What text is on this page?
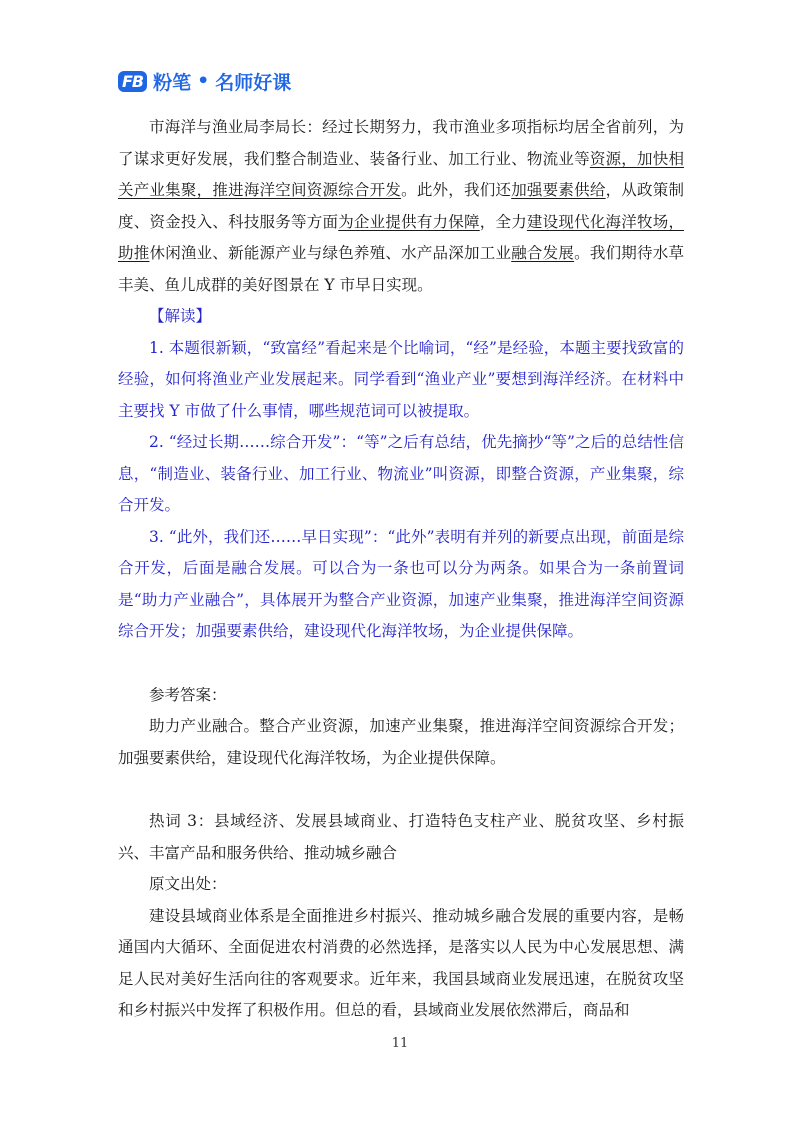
FB 粉笔 • 名师好课

市海洋与渔业局李局长：经过长期努力，我市渔业多项指标均居全省前列，为了谋求更好发展，我们整合制造业、装备行业、加工行业、物流业等资源，加快相关产业集聚，推进海洋空间资源综合开发。此外，我们还加强要素供给，从政策制度、资金投入、科技服务等方面为企业提供有力保障，全力建设现代化海洋牧场，助推休闲渔业、新能源产业与绿色养殖、水产品深加工业融合发展。我们期待水草丰美、鱼儿成群的美好图景在 Y 市早日实现。

【解读】

1. 本题很新颖，“致富经”看起来是个比喻词，“经”是经验，本题主要找致富的经验，如何将渔业产业发展起来。同学看到“渔业产业”要想到海洋经济。在材料中主要找 Y 市做了什么事情，哪些规范词可以被提取。

2. “经过长期……综合开发”：“等”之后有总结，优先摘抄“等”之后的总结性信息，“制造业、装备行业、加工行业、物流业”叫资源，即整合资源，产业集聚，综合开发。

3. “此外，我们还……早日实现”：“此外”表明有并列的新要点出现，前面是综合开发，后面是融合发展。可以合为一条也可以分为两条。如果合为一条前置词是“助力产业融合”，具体展开为整合产业资源，加速产业集聚，推进海洋空间资源综合开发；加强要素供给，建设现代化海洋牧场，为企业提供保障。

参考答案：

助力产业融合。整合产业资源，加速产业集聚，推进海洋空间资源综合开发；加强要素供给，建设现代化海洋牧场，为企业提供保障。

热词 3：县域经济、发展县域商业、打造特色支柱产业、脱贫攻坚、乡村振兴、丰富产品和服务供给、推动城乡融合

原文出处：

建设县域商业体系是全面推进乡村振兴、推动城乡融合发展的重要内容，是畅通国内大循环、全面促进农村消费的必然选择，是落实以人民为中心发展思想、满足人民对美好生活向往的客观要求。近年来，我国县域商业发展迅速，在脱贫攻坚和乡村振兴中发挥了积极作用。但总的看，县域商业发展依然滞后，商品和

11
